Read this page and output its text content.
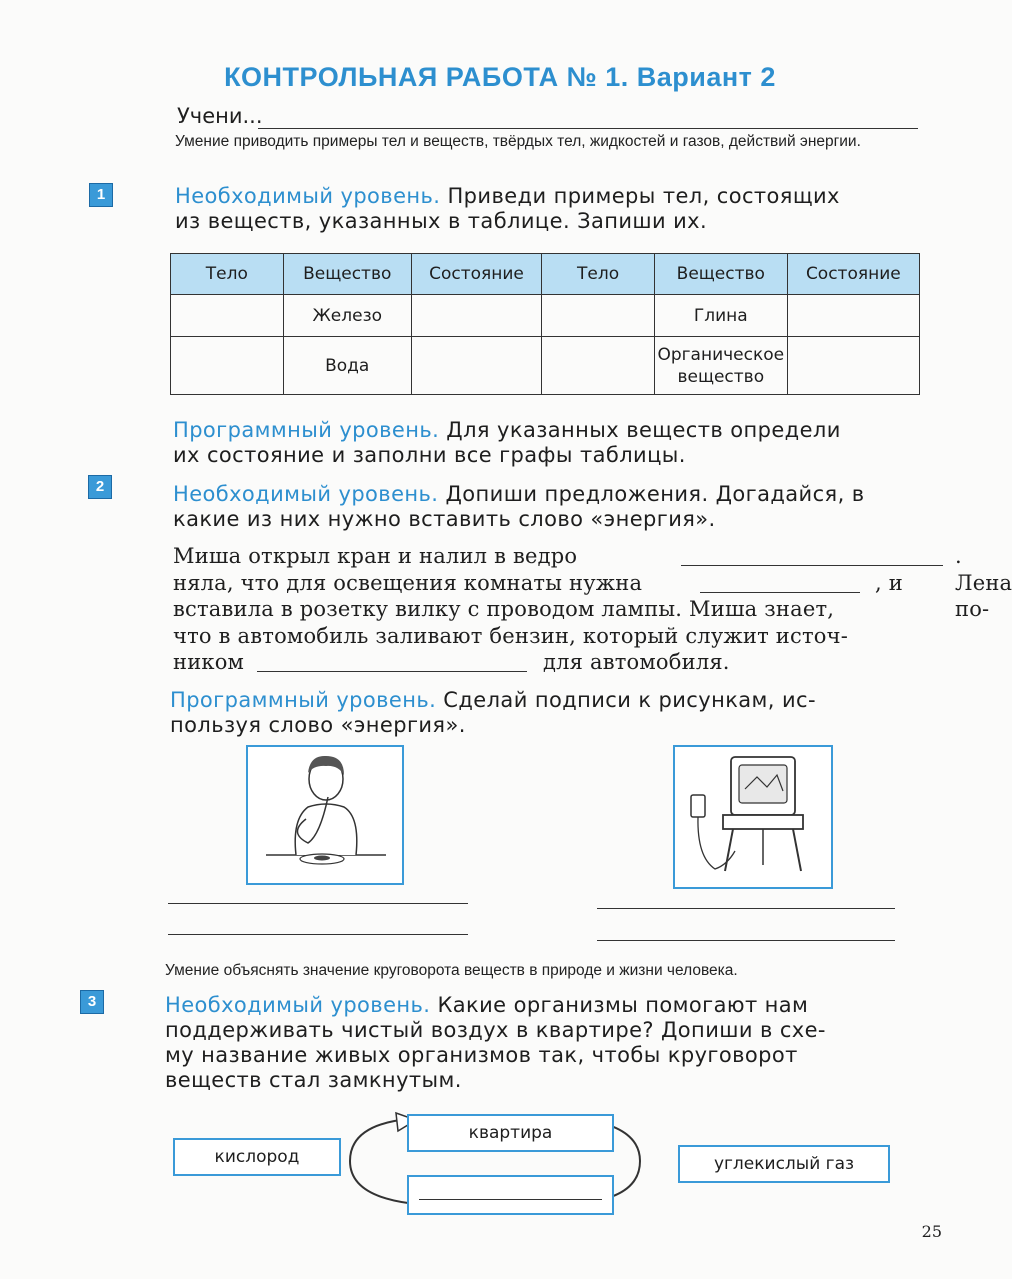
КОНТРОЛЬНАЯ РАБОТА № 1. Вариант 2
Учени...
Умение приводить примеры тел и веществ, твёрдых тел, жидкостей и газов, действий энергии.
1	Необходимый уровень. Приведи примеры тел, состоящих
из веществ, указанных в таблице. Запиши их.
Тело	Вещество	Состояние	Тело	Вещество	Состояние
	Железо			Глина	
	Вода			Органическое вещество	
Программный уровень. Для указанных веществ определи
их состояние и заполни все графы таблицы.
2	Необходимый уровень. Допиши предложения. Догадайся, в
какие из них нужно вставить слово «энергия».
Миша открыл кран и налил в ведро	. Лена по-
няла, что для освещения комнаты нужна	, и
вставила в розетку вилку с проводом лампы. Миша знает,
что в автомобиль заливают бензин, который служит источ-
ником	для автомобиля.
Программный уровень. Сделай подписи к рисункам, ис-
пользуя слово «энергия».
Умение объяснять значение круговорота веществ в природе и жизни человека.
3	Необходимый уровень. Какие организмы помогают нам
поддерживать чистый воздух в квартире? Допиши в схе-
му название живых организмов так, чтобы круговорот
веществ стал замкнутым.
квартира
кислород	углекислый газ
25
